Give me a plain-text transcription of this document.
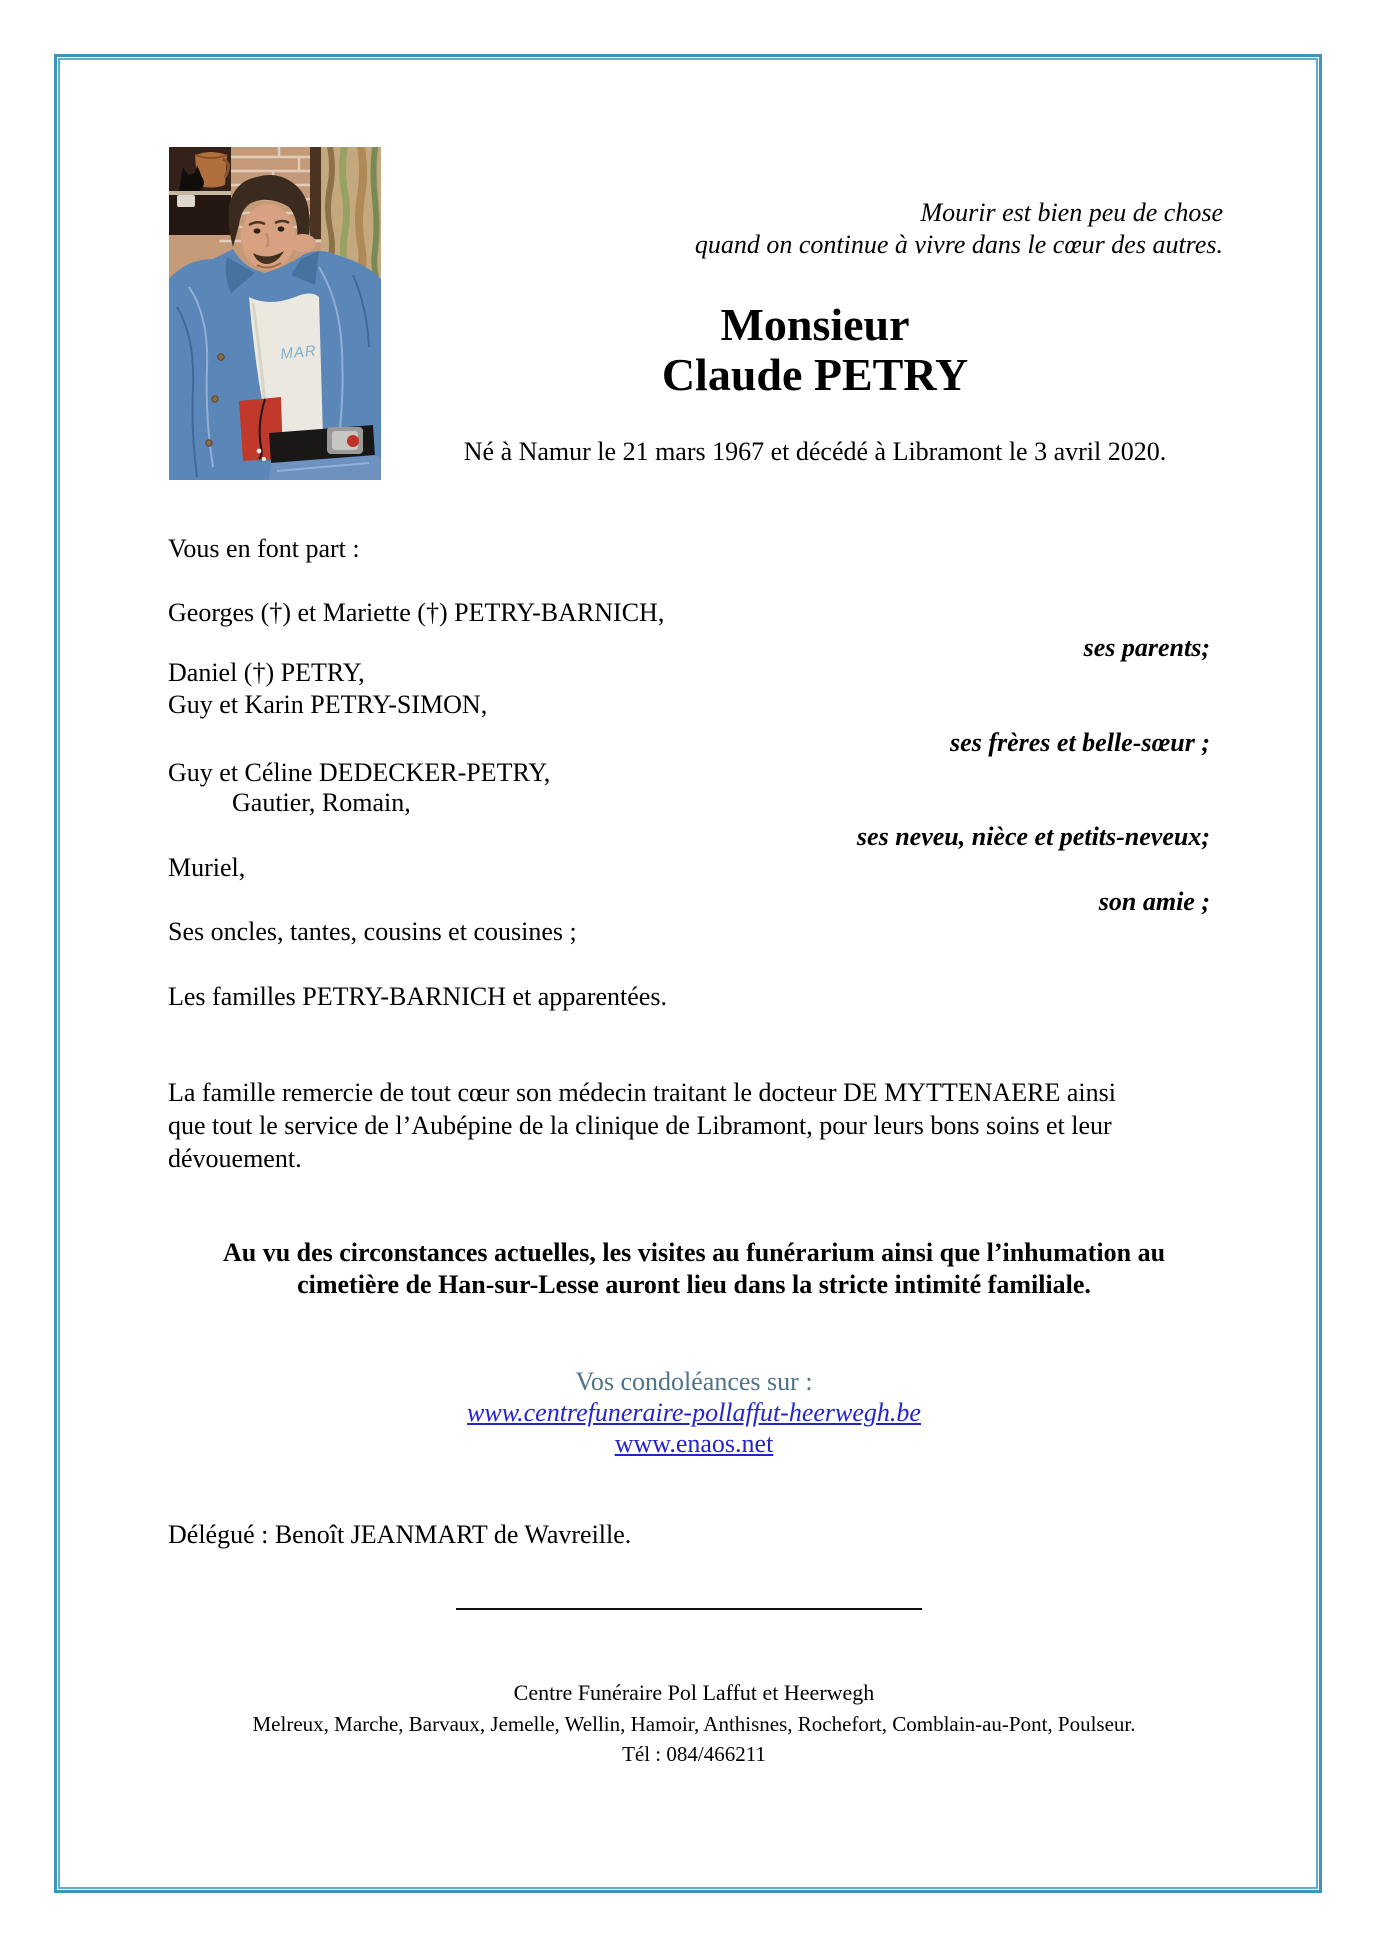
MAR
Mourir est bien peu de chose
quand on continue à vivre dans le cœur des autres.
Monsieur
Claude PETRY
Né à Namur le 21 mars 1967 et décédé à Libramont le 3 avril 2020.
Vous en font part :
Georges (†) et Mariette (†) PETRY-BARNICH,
ses parents;
Daniel (†) PETRY,
Guy et Karin PETRY-SIMON,
ses frères et belle-sœur ;
Guy et Céline DEDECKER-PETRY,
Gautier, Romain,
ses neveu, nièce et petits-neveux;
Muriel,
son amie ;
Ses oncles, tantes, cousins et cousines ;
Les familles PETRY-BARNICH et apparentées.
La famille remercie de tout cœur son médecin traitant le docteur DE MYTTENAERE ainsi
que tout le service de l’Aubépine de la clinique de Libramont, pour leurs bons soins et leur
dévouement.
Au vu des circonstances actuelles, les visites au funérarium ainsi que l’inhumation au
cimetière de Han-sur-Lesse auront lieu dans la stricte intimité familiale.
Vos condoléances sur :
www.centrefuneraire-pollaffut-heerwegh.be
www.enaos.net
Délégué : Benoît JEANMART de Wavreille.
Centre Funéraire Pol Laffut et Heerwegh
Melreux, Marche, Barvaux, Jemelle, Wellin, Hamoir, Anthisnes, Rochefort, Comblain-au-Pont, Poulseur.
Tél : 084/466211
